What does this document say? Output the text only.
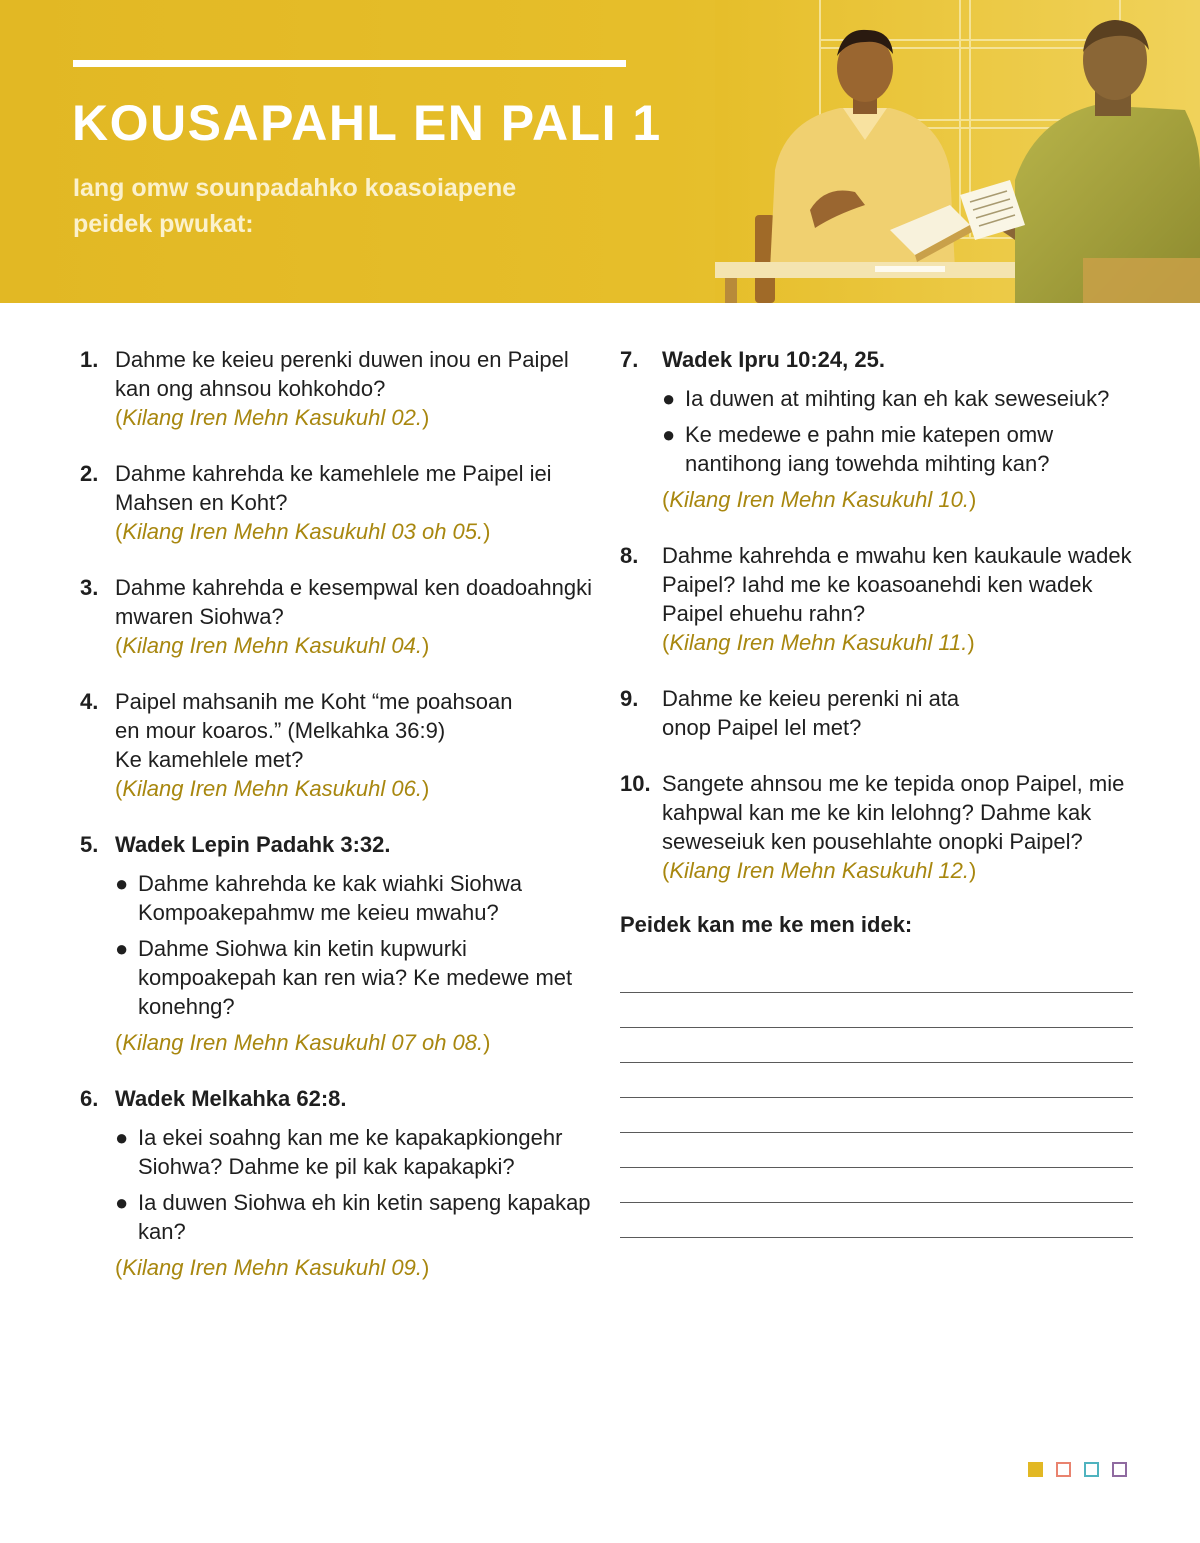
KOUSAPAHL EN PALI 1

Iang omw sounpadahko koasoiapene peidek pwukat:

1. Dahme ke keieu perenki duwen inou en Paipel kan ong ahnsou kohkohdo?
(Kilang Iren Mehn Kasukuhl 02.)
2. Dahme kahrehda ke kamehlele me Paipel iei Mahsen en Koht?
(Kilang Iren Mehn Kasukuhl 03 oh 05.)
3. Dahme kahrehda e kesempwal ken doadoahngki mwaren Siohwa?
(Kilang Iren Mehn Kasukuhl 04.)
4. Paipel mahsanih me Koht “me poahsoan
en mour koaros.” (Melkahka 36:9)
Ke kamehlele met?
(Kilang Iren Mehn Kasukuhl 06.)
5. Wadek Lepin Padahk 3:32.
● Dahme kahrehda ke kak wiahki Siohwa Kompoakepahmw me keieu mwahu?
● Dahme Siohwa kin ketin kupwurki kompoakepah kan ren wia? Ke medewe met konehng?
(Kilang Iren Mehn Kasukuhl 07 oh 08.)
6. Wadek Melkahka 62:8.
● Ia ekei soahng kan me ke kapakapkiongehr Siohwa? Dahme ke pil kak kapakapki?
● Ia duwen Siohwa eh kin ketin sapeng kapakap kan?
(Kilang Iren Mehn Kasukuhl 09.)
7. Wadek Ipru 10:24, 25.
● Ia duwen at mihting kan eh kak seweseiuk?
● Ke medewe e pahn mie katepen omw nantihong iang towehda mihting kan?
(Kilang Iren Mehn Kasukuhl 10.)
8. Dahme kahrehda e mwahu ken kaukaule wadek Paipel? Iahd me ke koasoanehdi ken wadek Paipel ehuehu rahn?
(Kilang Iren Mehn Kasukuhl 11.)
9. Dahme ke keieu perenki ni ata onop Paipel lel met?
10. Sangete ahnsou me ke tepida onop Paipel, mie kahpwal kan me ke kin lelohng? Dahme kak seweseiuk ken pousehlahte onopki Paipel?
(Kilang Iren Mehn Kasukuhl 12.)
Peidek kan me ke men idek:
